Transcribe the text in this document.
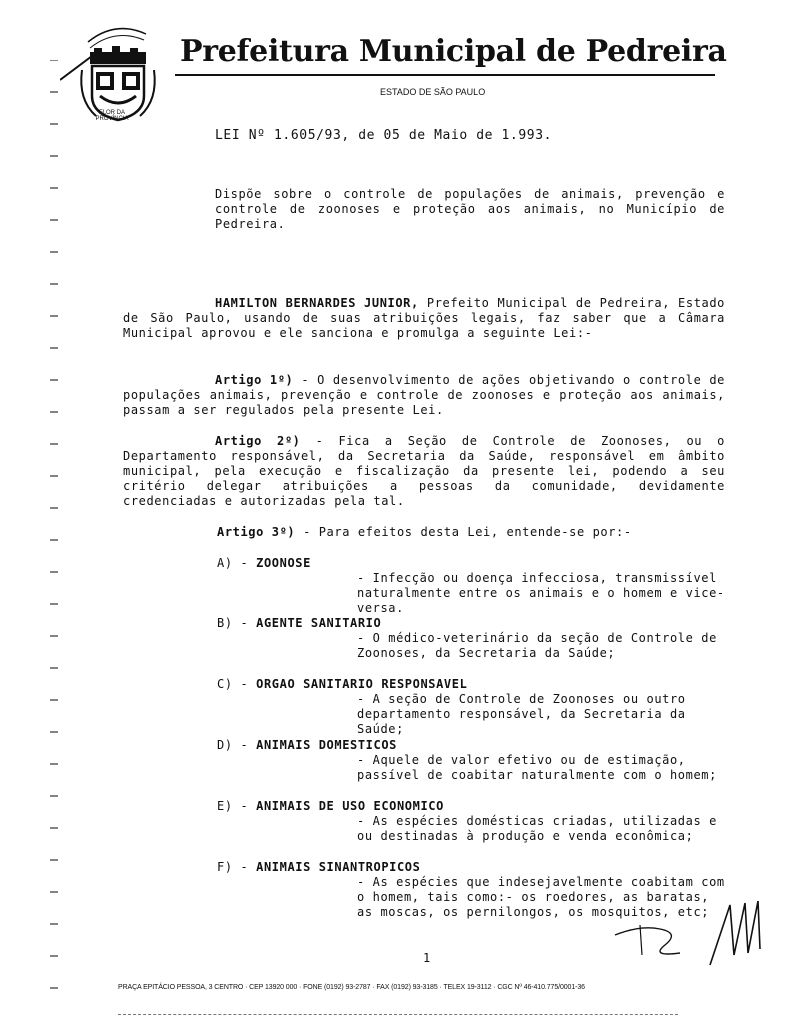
FLOR DA PROVÍNCIA
Prefeitura Municipal de Pedreira
ESTADO DE SÃO PAULO
LEI Nº 1.605/93, de 05 de Maio de 1.993.
Dispõe sobre o controle de populações de animais, prevenção e controle de zoonoses e proteção aos animais, no Município de Pedreira.
HAMILTON BERNARDES JUNIOR, Prefeito Municipal de Pedreira, Estado de São Paulo, usando de suas atribuições legais, faz saber que a Câmara Municipal aprovou e ele sanciona e promulga a seguinte Lei:-
Artigo 1º) - O desenvolvimento de ações objetivando o controle de populações animais, prevenção e controle de zoonoses e proteção aos animais, passam a ser regulados pela presente Lei.
Artigo 2º) - Fica a Seção de Controle de Zoonoses, ou o Departamento responsável, da Secretaria da Saúde, responsável em âmbito municipal, pela execução e fiscalização da presente lei, podendo a seu critério delegar atribuições a pessoas da comunidade, devidamente credenciadas e autorizadas pela tal.
Artigo 3º) - Para efeitos desta Lei, entende-se por:-
A) - ZOONOSE
- Infecção ou doença infecciosa, transmissível naturalmente entre os animais e o homem e vice-versa.
B) - AGENTE SANITARIO
- O médico-veterinário da seção de Controle de Zoonoses, da Secretaria da Saúde;
C) - ORGAO SANITARIO RESPONSAVEL
- A seção de Controle de Zoonoses ou outro departamento responsável, da Secretaria da Saúde;
D) - ANIMAIS DOMESTICOS
- Aquele de valor efetivo ou de estimação, passível de coabitar naturalmente com o homem;
E) - ANIMAIS DE USO ECONOMICO
- As espécies domésticas criadas, utilizadas e ou destinadas à produção e venda econômica;
F) - ANIMAIS SINANTROPICOS
- As espécies que indesejavelmente coabitam com o homem, tais como:- os roedores, as baratas, as moscas, os pernilongos, os mosquitos, etc;
1
PRAÇA EPITÁCIO PESSOA, 3 CENTRO · CEP 13920 000 · FONE (0192) 93-2787 · FAX (0192) 93-3185 · TELEX 19-3112 · CGC Nº 46-410.775/0001-36
